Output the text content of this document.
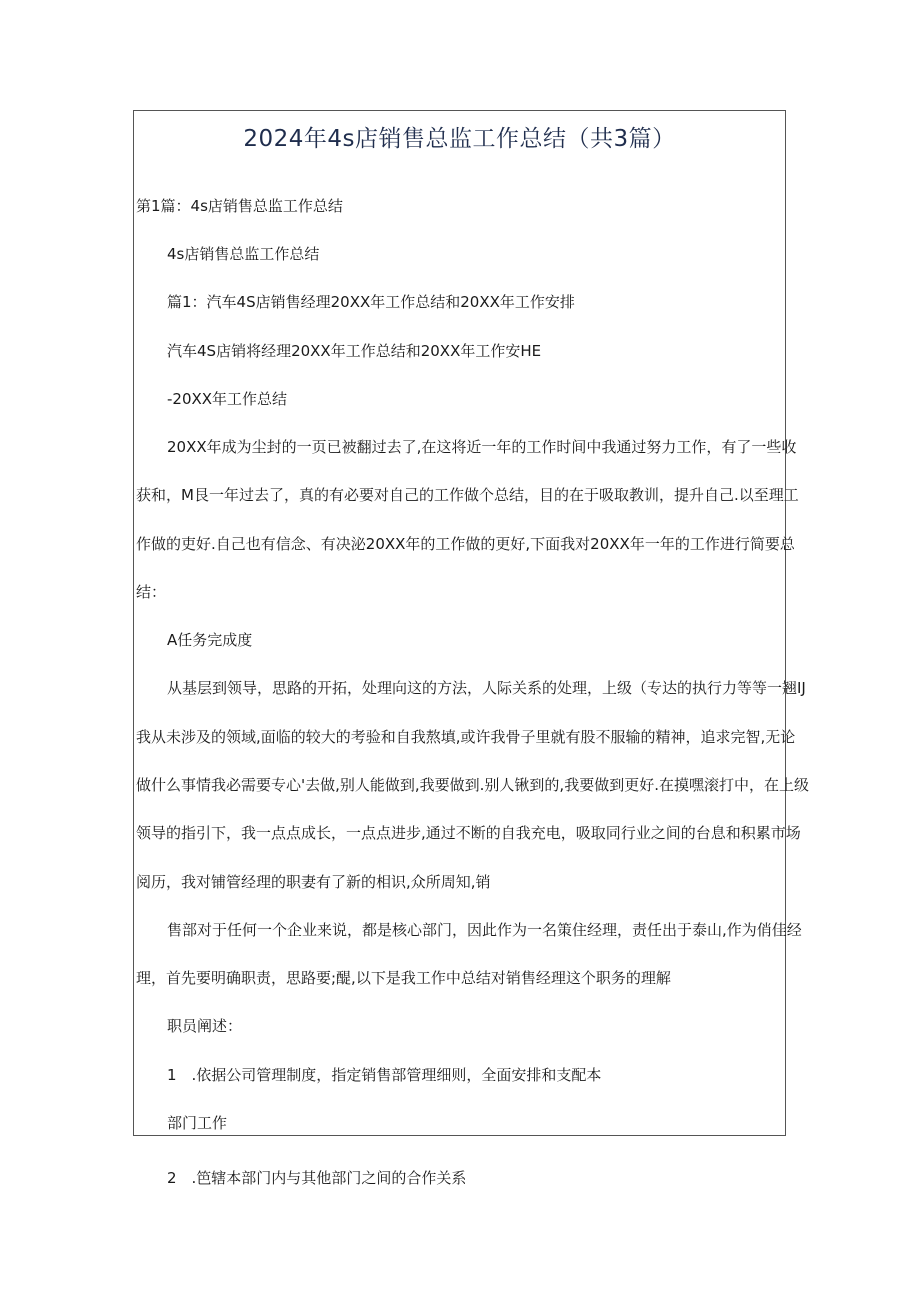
2024年4s店销售总监工作总结（共3篇）
第1篇：4s店销售总监工作总结
4s店销售总监工作总结
篇1：汽车4S店销售经理20XX年工作总结和20XX年工作安排
汽车4S店销将经理20XX年工作总结和20XX年工作安HE
-20XX年工作总结
20XX年成为尘封的一页已被翻过去了,在这将近一年的工作时间中我通过努力工作，有了一些收
获和，M艮一年过去了，真的有必要对自己的工作做个总结，目的在于吸取教训，提升自己.以至理工
作做的吏好.自己也有信念、有决泌20XX年的工作做的更好,下面我对20XX年一年的工作进行简要总
结：
A任务完成度
从基层到领导，思路的开拓，处理向这的方法，人际关系的处理，上级（专达的执行力等等一翘IJ
我从未涉及的领域,面临的较大的考验和自我熬填,或许我骨子里就有股不服输的精神，追求完智,无论
做什么事情我必需要专心'去做,别人能做到,我要做到.别人锹到的,我要做到更好.在摸嘿滚打中，在上级
领导的指引下，我一点点成长，一点点进步,通过不断的自我充电，吸取同行业之间的台息和积累市场
阅历，我对铺管经理的职妻有了新的相识,众所周知,销
售部对于任何一个企业来说，都是核心部门，因此作为一名策住经理，责任出于泰山,作为俏佳经
理，首先要明确职责，思路要;醍,以下是我工作中总结对销售经理这个职务的理解
职员阐述：
1　.依据公司管理制度，指定销售部管理细则，全面安排和支配本
部门工作
2　.笆辖本部门内与其他部门之间的合作关系
